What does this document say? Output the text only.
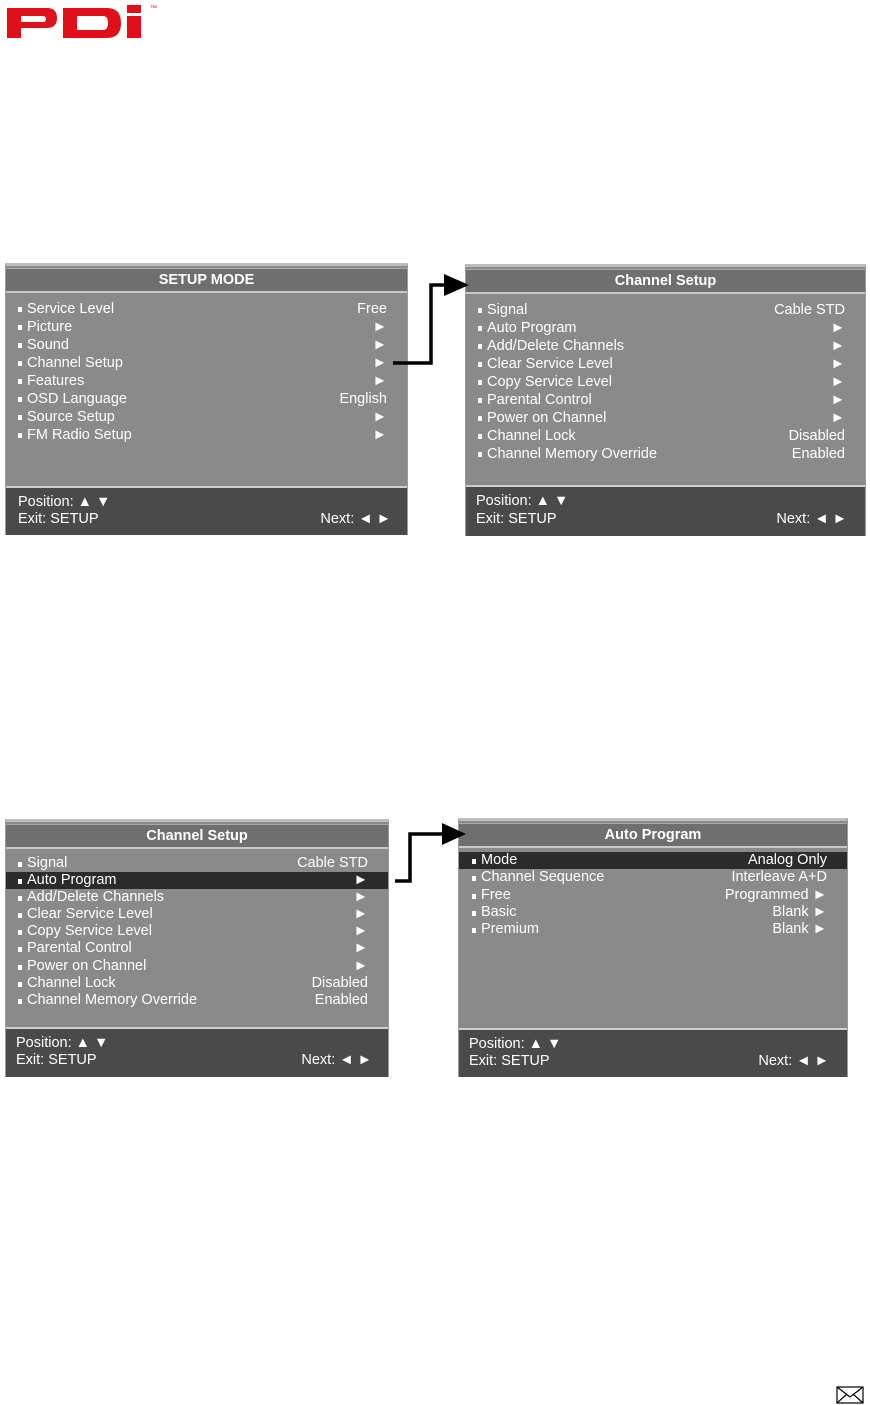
™
SETUP MODE
Service Level	Free
Picture	►
Sound	►
Channel Setup	►
Features	►
OSD Language	English
Source Setup	►
FM Radio Setup	►
Position: ▲ ▼
Exit: SETUP	Next: ◄ ►
Channel Setup
Signal	Cable STD
Auto Program	►
Add/Delete Channels	►
Clear Service Level	►
Copy Service Level	►
Parental Control	►
Power on Channel	►
Channel Lock	Disabled
Channel Memory Override	Enabled
Position: ▲ ▼
Exit: SETUP	Next: ◄ ►
Channel Setup
Signal	Cable STD
Auto Program	►
Add/Delete Channels	►
Clear Service Level	►
Copy Service Level	►
Parental Control	►
Power on Channel	►
Channel Lock	Disabled
Channel Memory Override	Enabled
Position: ▲ ▼
Exit: SETUP	Next: ◄ ►
Auto Program
Mode	Analog Only
Channel Sequence	Interleave A+D
Free	Programmed ►
Basic	Blank ►
Premium	Blank ►
Position: ▲ ▼
Exit: SETUP	Next: ◄ ►
